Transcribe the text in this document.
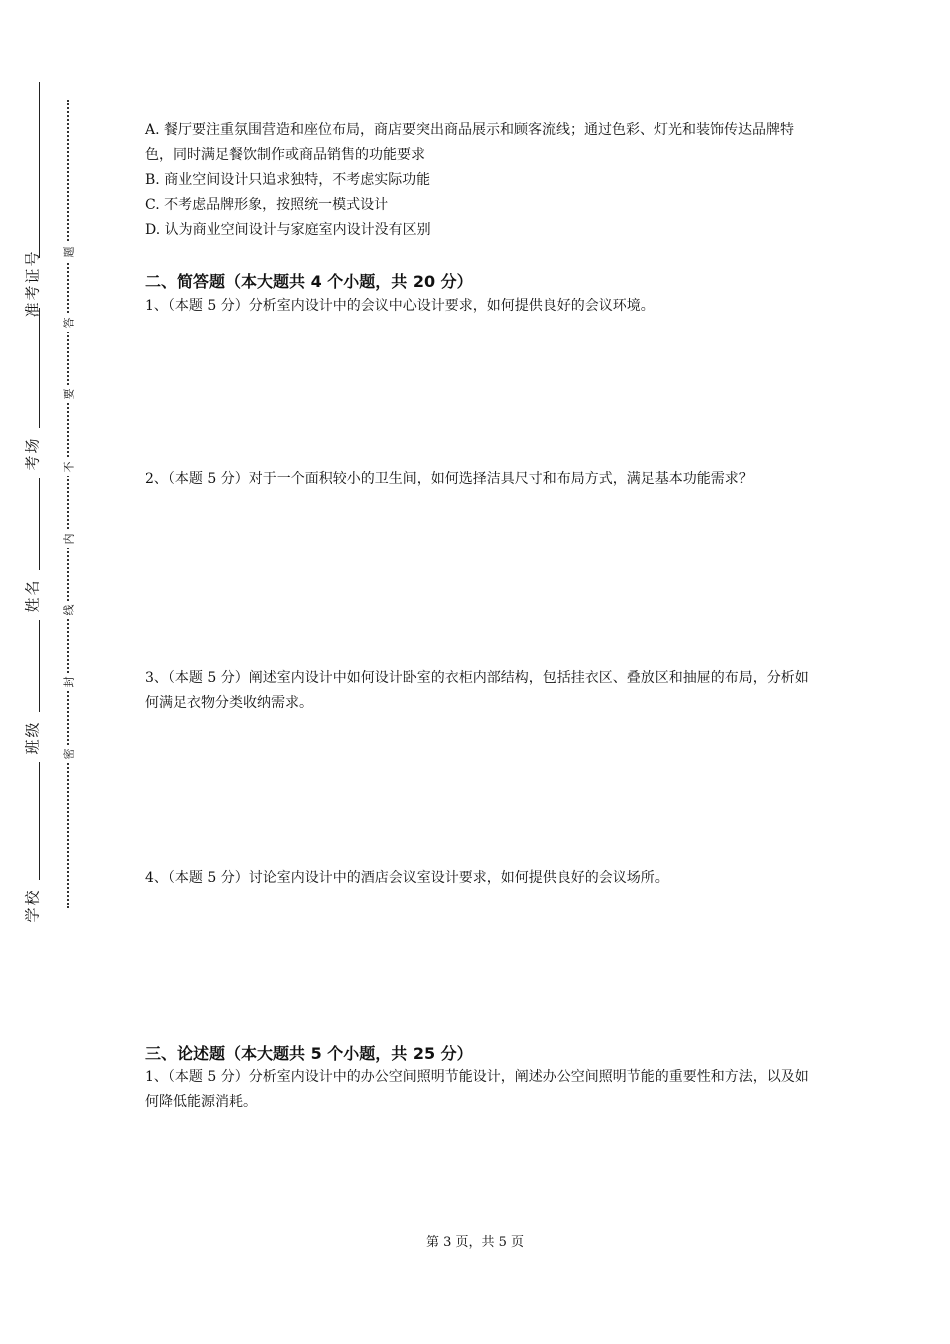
准考证号
考场
姓名
班级
学校
题
答
要
不
内
线
封
密

A. 餐厅要注重氛围营造和座位布局，商店要突出商品展示和顾客流线；通过色彩、灯光和装饰传达品牌特色，同时满足餐饮制作或商品销售的功能要求

B. 商业空间设计只追求独特，不考虑实际功能

C. 不考虑品牌形象，按照统一模式设计

D. 认为商业空间设计与家庭室内设计没有区别

二、简答题（本大题共 4 个小题，共 20 分）

1、（本题 5 分）分析室内设计中的会议中心设计要求，如何提供良好的会议环境。

2、（本题 5 分）对于一个面积较小的卫生间，如何选择洁具尺寸和布局方式，满足基本功能需求？

3、（本题 5 分）阐述室内设计中如何设计卧室的衣柜内部结构，包括挂衣区、叠放区和抽屉的布局，分析如何满足衣物分类收纳需求。

4、（本题 5 分）讨论室内设计中的酒店会议室设计要求，如何提供良好的会议场所。

三、论述题（本大题共 5 个小题，共 25 分）

1、（本题 5 分）分析室内设计中的办公空间照明节能设计，阐述办公空间照明节能的重要性和方法，以及如何降低能源消耗。

第 3 页，共 5 页
